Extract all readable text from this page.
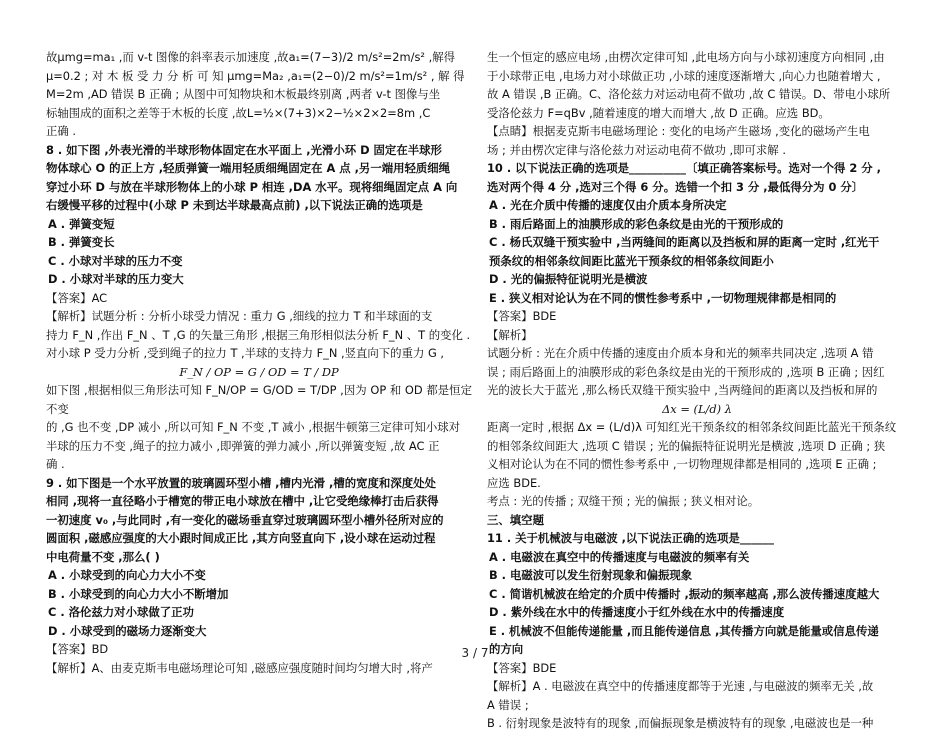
故μmg=ma₁ ,而 v-t 图像的斜率表示加速度 ,故a₁=(7−3)/2 m/s²=2m/s² ,解得

μ=0.2 ; 对 木 板 受 力 分 析 可 知 μmg=Ma₂ ,a₁=(2−0)/2 m/s²=1m/s² , 解 得

M=2m ,AD 错误 B 正确 ; 从图中可知物块和木板最终别离 ,两者 v-t 图像与坐

标轴围成的面积之差等于木板的长度 ,故L=½×(7+3)×2−½×2×2=8m ,C

正确 .

8 . 如下图 ,外表光滑的半球形物体固定在水平面上 ,光滑小环 D 固定在半球形

物体球心 O 的正上方 ,轻质弹簧一端用轻质细绳固定在 A 点 ,另一端用轻质细绳

穿过小环 D 与放在半球形物体上的小球 P 相连 ,DA 水平。现将细绳固定点 A 向

右缓慢平移的过程中(小球 P 未到达半球最高点前) ,以下说法正确的选项是

A . 弹簧变短

B . 弹簧变长

C . 小球对半球的压力不变

D . 小球对半球的压力变大

【答案】AC

【解析】试题分析 : 分析小球受力情况 : 重力 G ,细线的拉力 T 和半球面的支

持力 F_N ,作出 F_N 、T ,G 的矢量三角形 ,根据三角形相似法分析 F_N 、T 的变化 .

对小球 P 受力分析 ,受到绳子的拉力 T ,半球的支持力 F_N ,竖直向下的重力 G ,

F_N / OP = G / OD = T / DP

如下图 ,根据相似三角形法可知 F_N/OP = G/OD = T/DP ,因为 OP 和 OD 都是恒定不变

的 ,G 也不变 ,DP 减小 ,所以可知 F_N 不变 ,T 减小 ,根据牛顿第三定律可知小球对

半球的压力不变 ,绳子的拉力减小 ,即弹簧的弹力减小 ,所以弹簧变短 ,故 AC 正

确 .

9 . 如下图是一个水平放置的玻璃圆环型小槽 ,槽内光滑 ,槽的宽度和深度处处

相同 ,现将一直径略小于槽宽的带正电小球放在槽中 ,让它受绝缘棒打击后获得

一初速度 v₀ ,与此同时 ,有一变化的磁场垂直穿过玻璃圆环型小槽外径所对应的

圆面积 ,磁感应强度的大小跟时间成正比 ,其方向竖直向下 ,设小球在运动过程

中电荷量不变 ,那么( )

A . 小球受到的向心力大小不变

B . 小球受到的向心力大小不断增加

C . 洛伦兹力对小球做了正功

D . 小球受到的磁场力逐渐变大

【答案】BD

【解析】A、由麦克斯韦电磁场理论可知 ,磁感应强度随时间均匀增大时 ,将产

生一个恒定的感应电场 ,由楞次定律可知 ,此电场方向与小球初速度方向相同 ,由

于小球带正电 ,电场力对小球做正功 ,小球的速度逐渐增大 ,向心力也随着增大 ,

故 A 错误 ,B 正确。C、洛伦兹力对运动电荷不做功 ,故 C 错误。D、带电小球所

受洛伦兹力 F=qBv ,随着速度的增大而增大 ,故 D 正确。应选 BD。

【点睛】根据麦克斯韦电磁场理论 : 变化的电场产生磁场 ,变化的磁场产生电

场 ; 并由楞次定律与洛伦兹力对运动电荷不做功 ,即可求解 .

10 . 以下说法正确的选项是__________〔填正确答案标号。选对一个得 2 分 ,

选对两个得 4 分 ,选对三个得 6 分。选错一个扣 3 分 ,最低得分为 0 分〕

A . 光在介质中传播的速度仅由介质本身所决定

B . 雨后路面上的油膜形成的彩色条纹是由光的干预形成的

C . 杨氏双缝干预实验中 ,当两缝间的距离以及挡板和屏的距离一定时 ,红光干

预条纹的相邻条纹间距比蓝光干预条纹的相邻条纹间距小

D . 光的偏振特征说明光是横波

E . 狭义相对论认为在不同的惯性参考系中 ,一切物理规律都是相同的

【答案】BDE

【解析】

试题分析 : 光在介质中传播的速度由介质本身和光的频率共同决定 ,选项 A 错

误 ; 雨后路面上的油膜形成的彩色条纹是由光的干预形成的 ,选项 B 正确 ; 因红

光的波长大于蓝光 ,那么杨氏双缝干预实验中 ,当两缝间的距离以及挡板和屏的

Δx = (L/d) λ

距离一定时 ,根据 Δx = (L/d)λ 可知红光干预条纹的相邻条纹间距比蓝光干预条纹

的相邻条纹间距大 ,选项 C 错误 ; 光的偏振特征说明光是横波 ,选项 D 正确 ; 狭

义相对论认为在不同的惯性参考系中 ,一切物理规律都是相同的 ,选项 E 正确 ;

应选 BDE.

考点 : 光的传播 ; 双缝干预 ; 光的偏振 ; 狭义相对论。

三、填空题

11 . 关于机械波与电磁波 ,以下说法正确的选项是______

A . 电磁波在真空中的传播速度与电磁波的频率有关

B . 电磁波可以发生衍射现象和偏振现象

C . 简谐机械波在给定的介质中传播时 ,振动的频率越高 ,那么波传播速度越大

D . 紫外线在水中的传播速度小于红外线在水中的传播速度

E . 机械波不但能传递能量 ,而且能传递信息 ,其传播方向就是能量或信息传递

的方向

【答案】BDE

【解析】A . 电磁波在真空中的传播速度都等于光速 ,与电磁波的频率无关 ,故

A 错误 ;

B . 衍射现象是波特有的现象 ,而偏振现象是横波特有的现象 ,电磁波也是一种

3 / 7
